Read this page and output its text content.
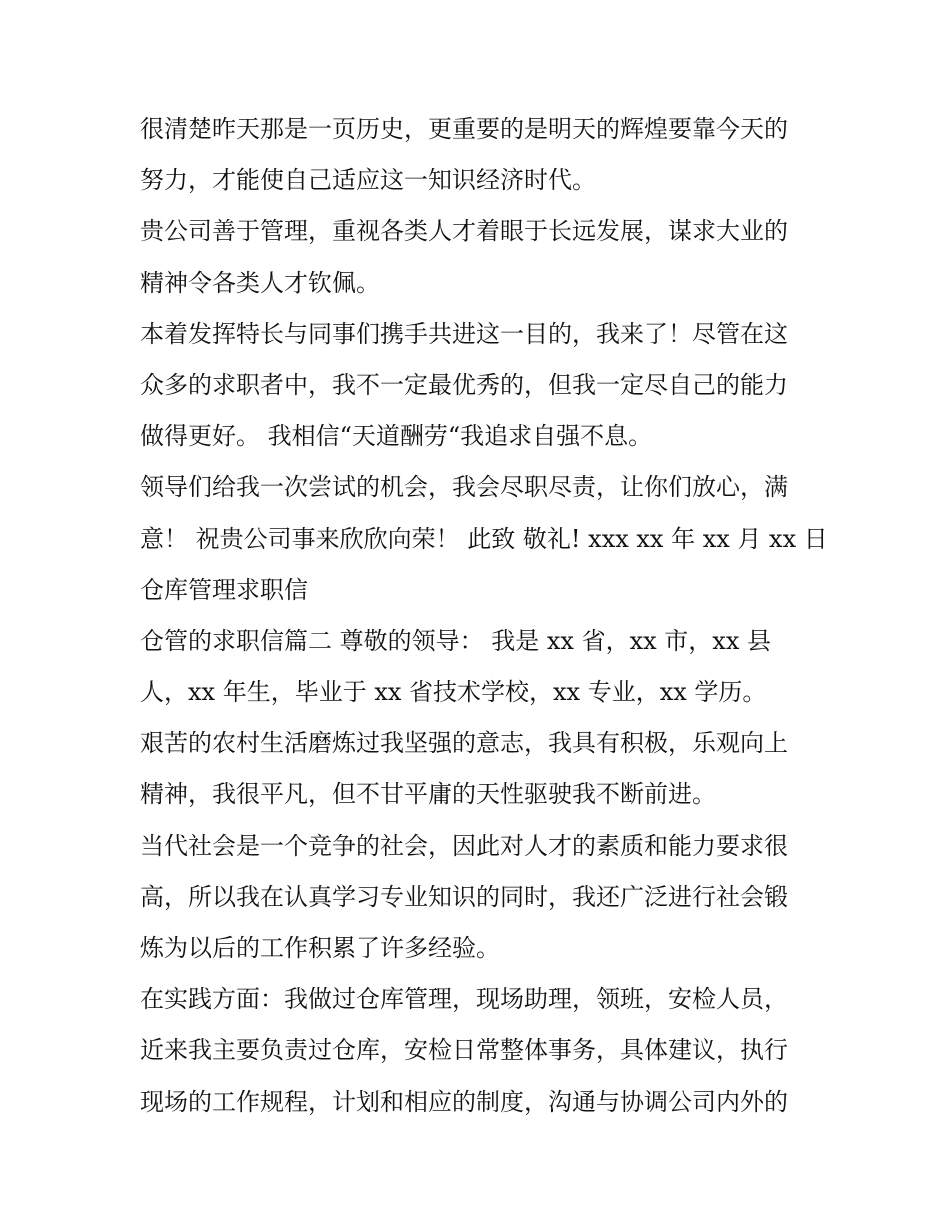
很清楚昨天那是一页历史，更重要的是明天的辉煌要靠今天的
努力，才能使自己适应这一知识经济时代。
贵公司善于管理，重视各类人才着眼于长远发展，谋求大业的
精神令各类人才钦佩。
本着发挥特长与同事们携手共进这一目的，我来了！尽管在这
众多的求职者中，我不一定最优秀的，但我一定尽自己的能力
做得更好。 我相信“天道酬劳“我追求自强不息。
领导们给我一次尝试的机会，我会尽职尽责，让你们放心，满
意！ 祝贵公司事来欣欣向荣！ 此致 敬礼! xxx xx 年 xx 月 xx 日
仓库管理求职信
仓管的求职信篇二 尊敬的领导： 我是 xx 省，xx 市，xx 县
人，xx 年生，毕业于 xx 省技术学校，xx 专业，xx 学历。
艰苦的农村生活磨炼过我坚强的意志，我具有积极，乐观向上
精神，我很平凡，但不甘平庸的天性驱驶我不断前进。
当代社会是一个竞争的社会，因此对人才的素质和能力要求很
高，所以我在认真学习专业知识的同时，我还广泛进行社会锻
炼为以后的工作积累了许多经验。
在实践方面：我做过仓库管理，现场助理，领班，安检人员，
近来我主要负责过仓库，安检日常整体事务，具体建议，执行
现场的工作规程，计划和相应的制度，沟通与协调公司内外的
